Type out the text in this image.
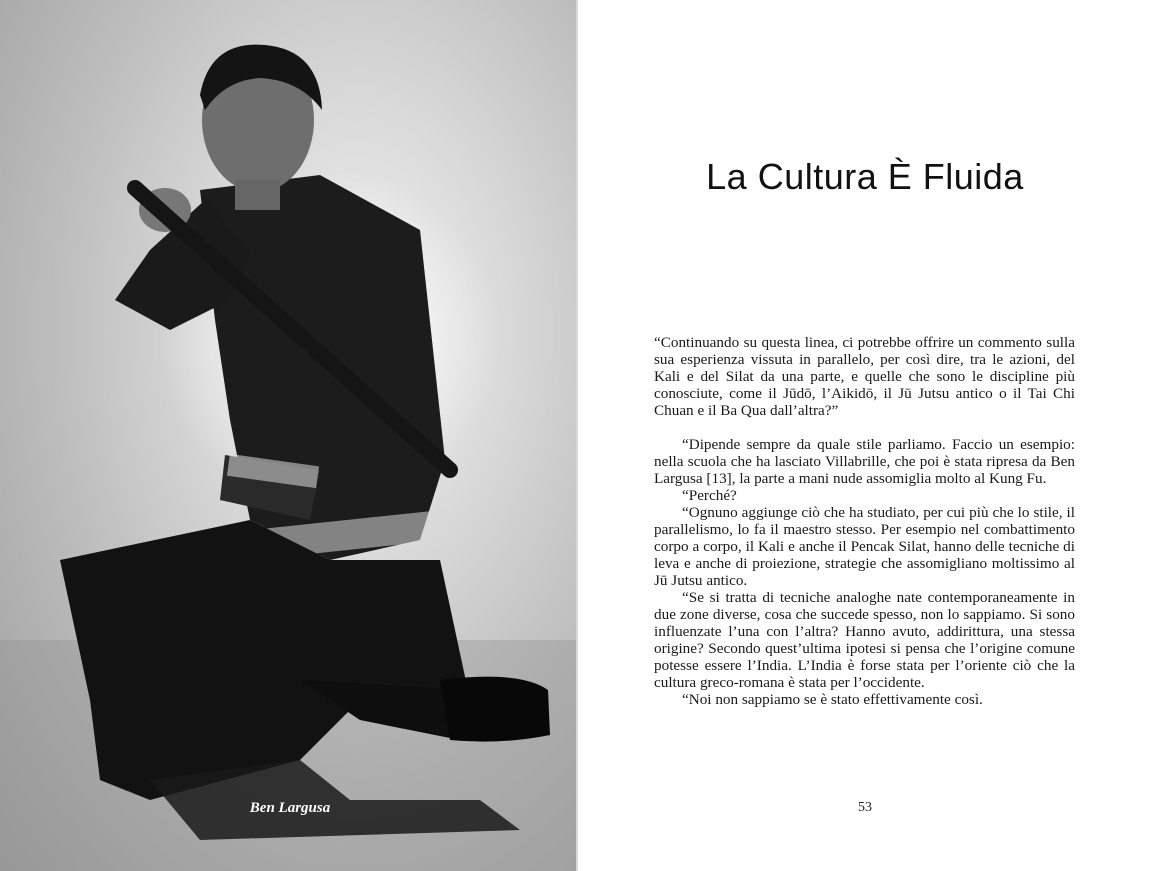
Ben Largusa
La Cultura È Fluida

“Continuando su questa linea, ci potrebbe offrire un commento sulla sua esperienza vissuta in parallelo, per così dire, tra le azioni, del Kali e del Silat da una parte, e quelle che sono le discipline più conosciute, come il Jūdō, l’Aikidō, il Jū Jutsu antico o il Tai Chi Chuan e il Ba Qua dall’altra?”

“Dipende sempre da quale stile parliamo. Faccio un esempio: nella scuola che ha lasciato Villabrille, che poi è stata ripresa da Ben Largusa [13], la parte a mani nude assomiglia molto al Kung Fu.

“Perché?

“Ognuno aggiunge ciò che ha studiato, per cui più che lo stile, il parallelismo, lo fa il maestro stesso. Per esempio nel combattimento corpo a corpo, il Kali e anche il Pencak Silat, hanno delle tecniche di leva e anche di proiezione, strategie che assomigliano moltissimo al Jū Jutsu antico.

“Se si tratta di tecniche analoghe nate contemporaneamente in due zone diverse, cosa che succede spesso, non lo sappiamo. Si sono influenzate l’una con l’altra? Hanno avuto, addirittura, una stessa origine? Secondo quest’ultima ipotesi si pensa che l’origine comune potesse essere l’India. L’India è forse stata per l’oriente ciò che la cultura greco-romana è stata per l’occidente.

“Noi non sappiamo se è stato effettivamente così.

53
